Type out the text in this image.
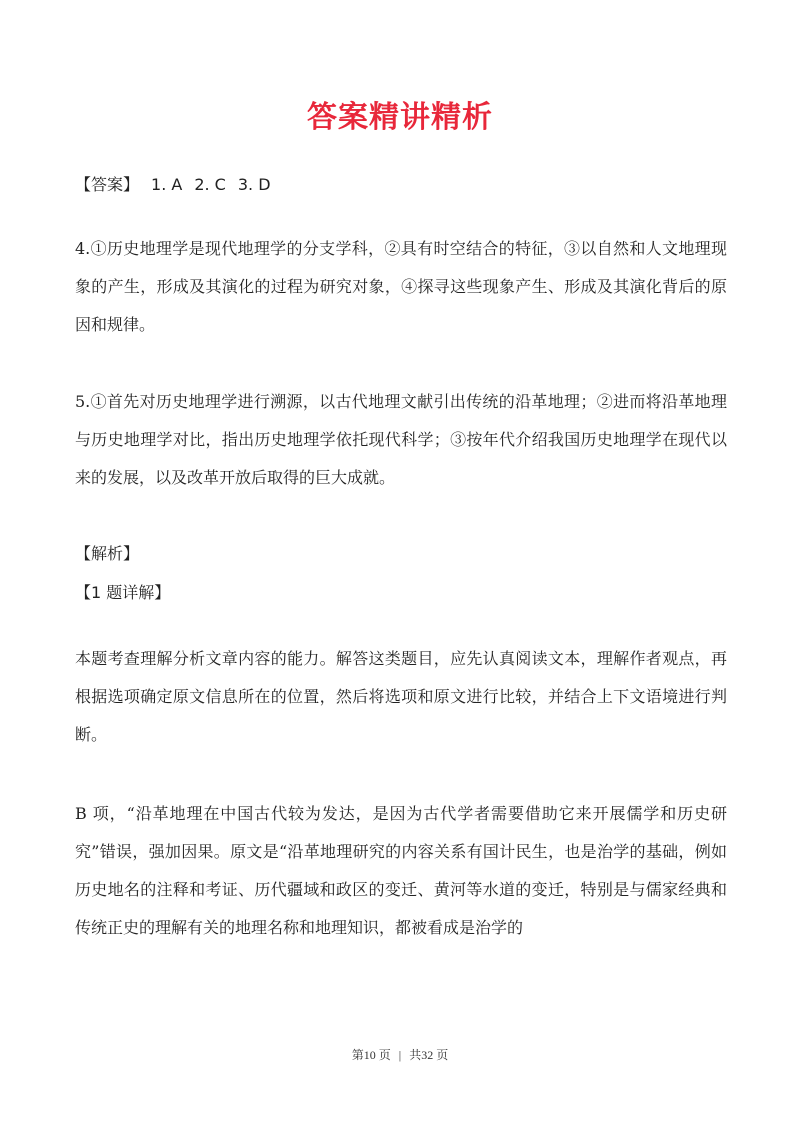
答案精讲精析
【答案】 1. A 2. C 3. D

4.①历史地理学是现代地理学的分支学科，②具有时空结合的特征，③以自然和人文地理现象的产生，形成及其演化的过程为研究对象，④探寻这些现象产生、形成及其演化背后的原因和规律。

5.①首先对历史地理学进行溯源，以古代地理文献引出传统的沿革地理；②进而将沿革地理与历史地理学对比，指出历史地理学依托现代科学；③按年代介绍我国历史地理学在现代以来的发展，以及改革开放后取得的巨大成就。

【解析】

【1 题详解】

本题考查理解分析文章内容的能力。解答这类题目，应先认真阅读文本，理解作者观点，再根据选项确定原文信息所在的位置，然后将选项和原文进行比较，并结合上下文语境进行判断。

B 项，“沿革地理在中国古代较为发达，是因为古代学者需要借助它来开展儒学和历史研究”错误，强加因果。原文是“沿革地理研究的内容关系有国计民生，也是治学的基础，例如历史地名的注释和考证、历代疆域和政区的变迁、黄河等水道的变迁，特别是与儒家经典和传统正史的理解有关的地理名称和地理知识，都被看成是治学的

第10 页 | 共32 页
